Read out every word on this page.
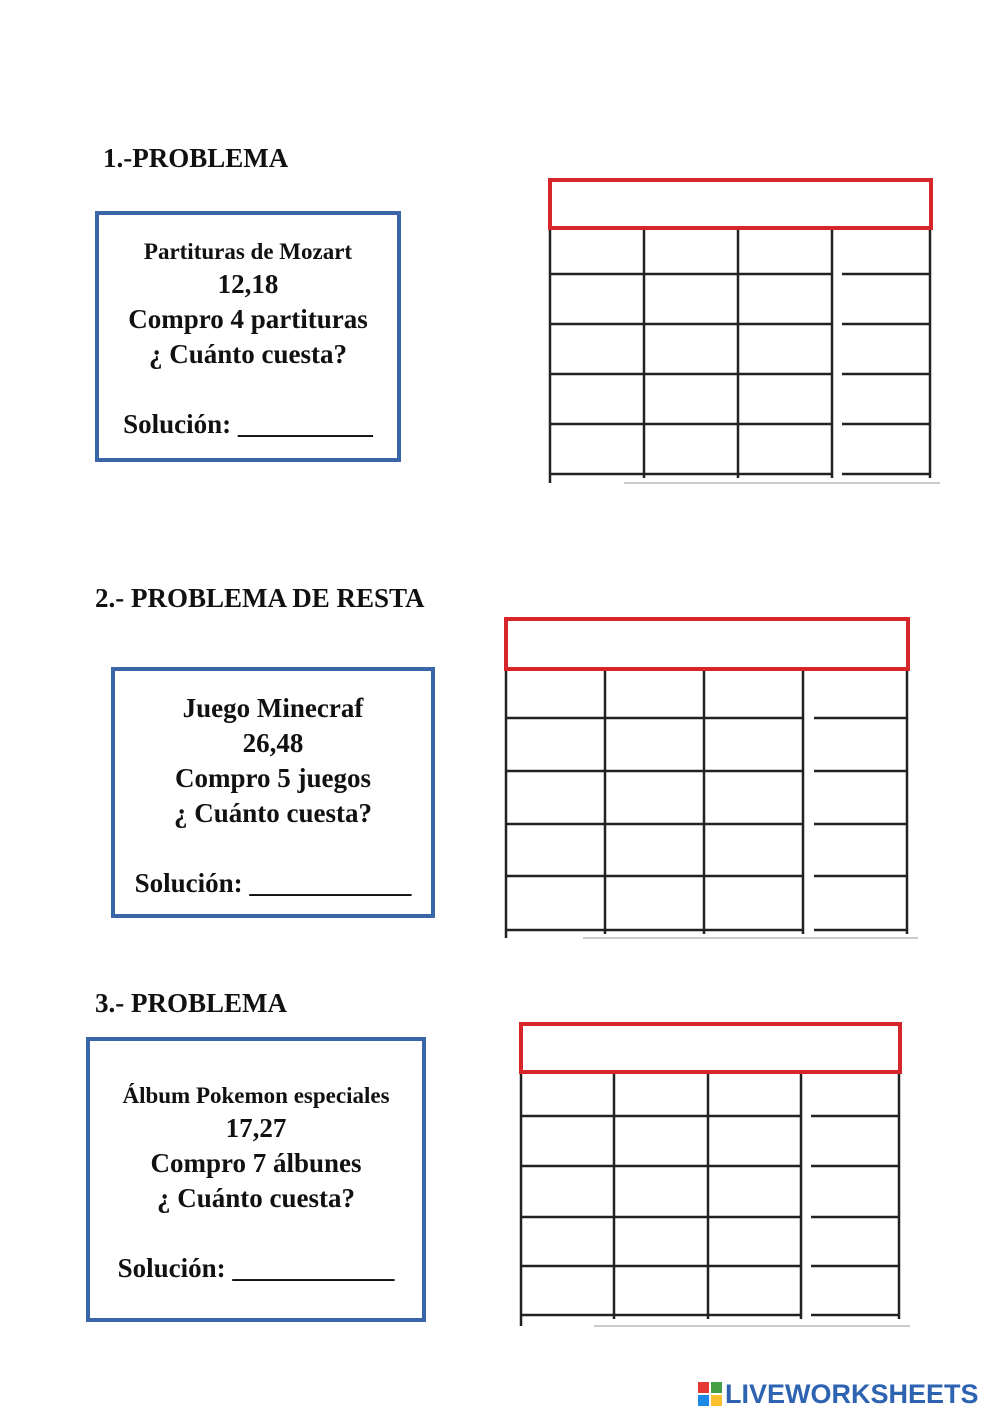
1.-PROBLEMA
Partituras de Mozart
12,18
Compro 4 partituras
¿ Cuánto cuesta?
Solución: __________
2.- PROBLEMA DE RESTA
Juego Minecraf
26,48
Compro 5 juegos
¿ Cuánto cuesta?
Solución: ____________
3.- PROBLEMA
Álbum Pokemon especiales
17,27
Compro 7 álbunes
¿ Cuánto cuesta?
Solución: ____________
LIVEWORKSHEETS
